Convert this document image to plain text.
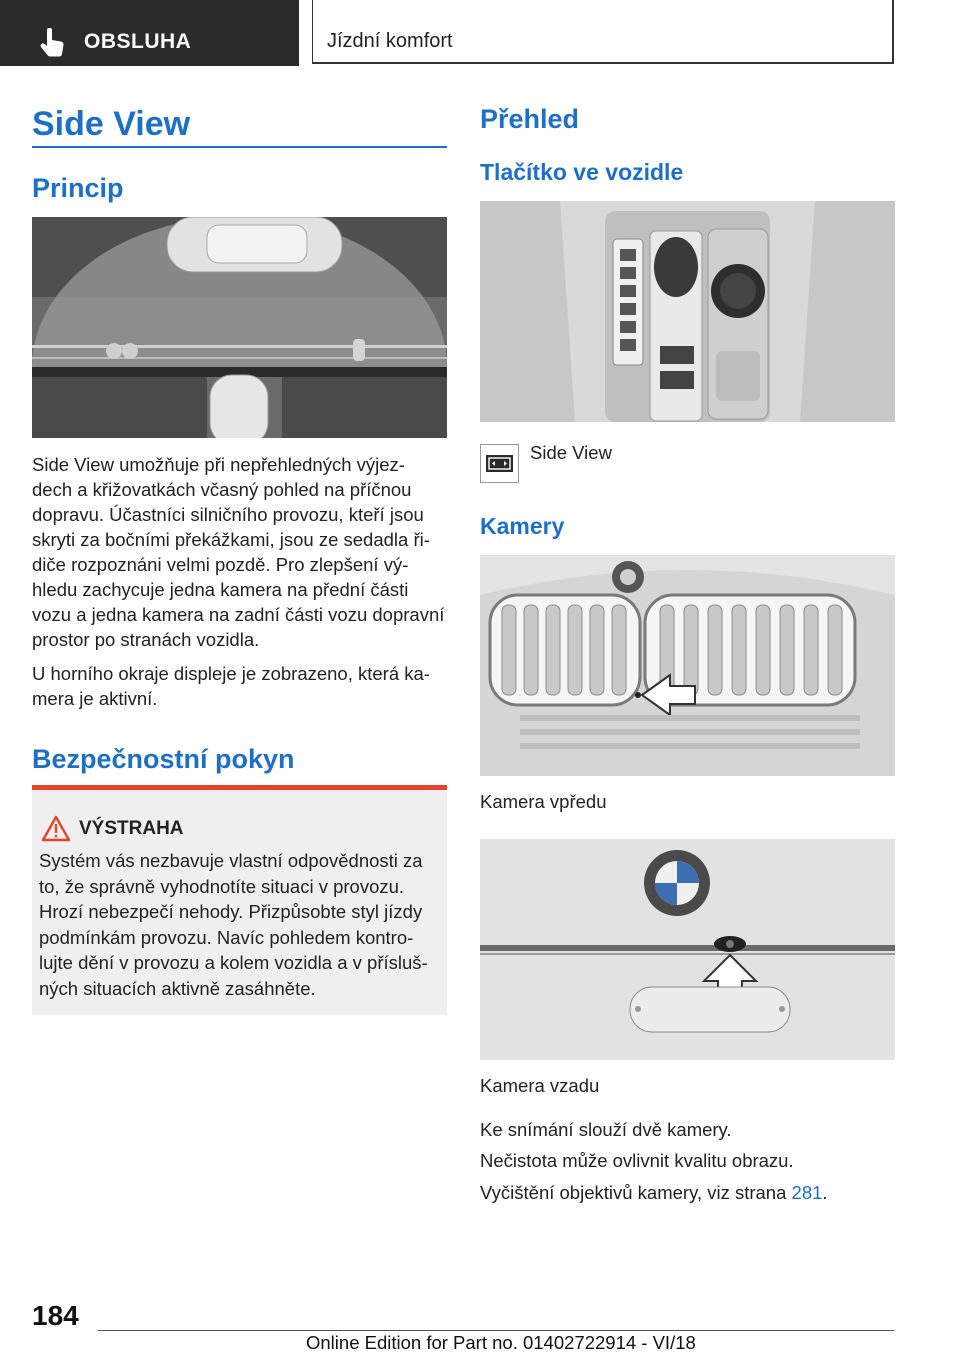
OBSLUHA	Jízdní komfort
Side View
Princip

Side View umožňuje při nepřehledných výjez‐

dech a křižovatkách včasný pohled na příčnou

dopravu. Účastníci silničního provozu, kteří jsou

skryti za bočními překážkami, jsou ze sedadla ři‐

diče rozpoznáni velmi pozdě. Pro zlepšení vý‐

hledu zachycuje jedna kamera na přední části

vozu a jedna kamera na zadní části vozu dopravní

prostor po stranách vozidla.

U horního okraje displeje je zobrazeno, která ka‐

mera je aktivní.

Bezpečnostní pokyn
VÝSTRAHA
Systém vás nezbavuje vlastní odpovědnosti za
to, že správně vyhodnotíte situaci v provozu.
Hrozí nebezpečí nehody. Přizpůsobte styl jízdy
podmínkám provozu. Navíc pohledem kontro‐
lujte dění v provozu a kolem vozidla a v přísluš‐
ných situacích aktivně zasáhněte.
Přehled
Tlačítko ve vozidle

Side View

Kamery

Kamera vpředu

Kamera vzadu

Ke snímání slouží dvě kamery.

Nečistota může ovlivnit kvalitu obrazu.

Vyčištění objektivů kamery, viz strana 281.

184
Online Edition for Part no. 01402722914 - VI/18
